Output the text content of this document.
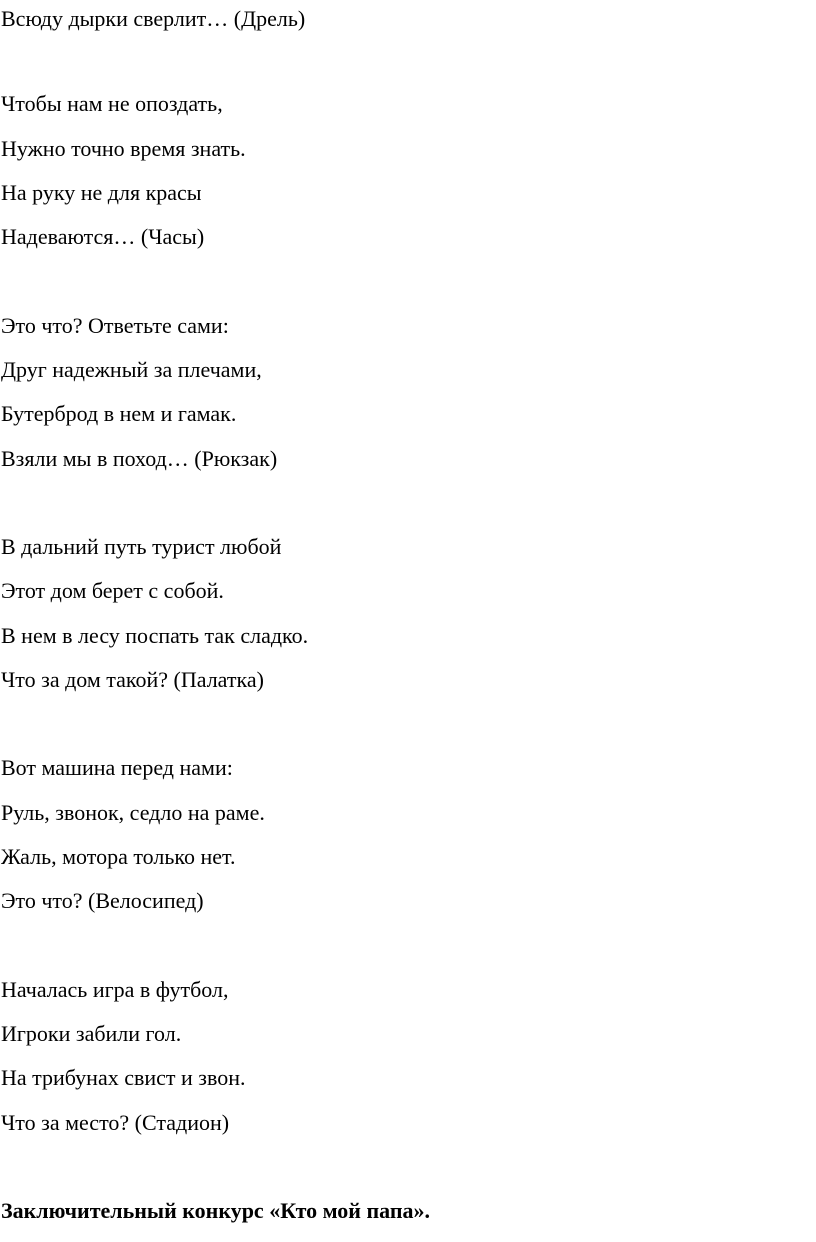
Всюду дырки сверлит… (Дрель)
Чтобы нам не опоздать,
Нужно точно время знать.
На руку не для красы
Надеваются… (Часы)
Это что? Ответьте сами:
Друг надежный за плечами,
Бутерброд в нем и гамак.
Взяли мы в поход… (Рюкзак)
В дальний путь турист любой
Этот дом берет с собой.
В нем в лесу поспать так сладко.
Что за дом такой? (Палатка)
Вот машина перед нами:
Руль, звонок, седло на раме.
Жаль, мотора только нет.
Это что? (Велосипед)
Началась игра в футбол,
Игроки забили гол.
На трибунах свист и звон.
Что за место? (Стадион)
Заключительный конкурс «Кто мой папа».
